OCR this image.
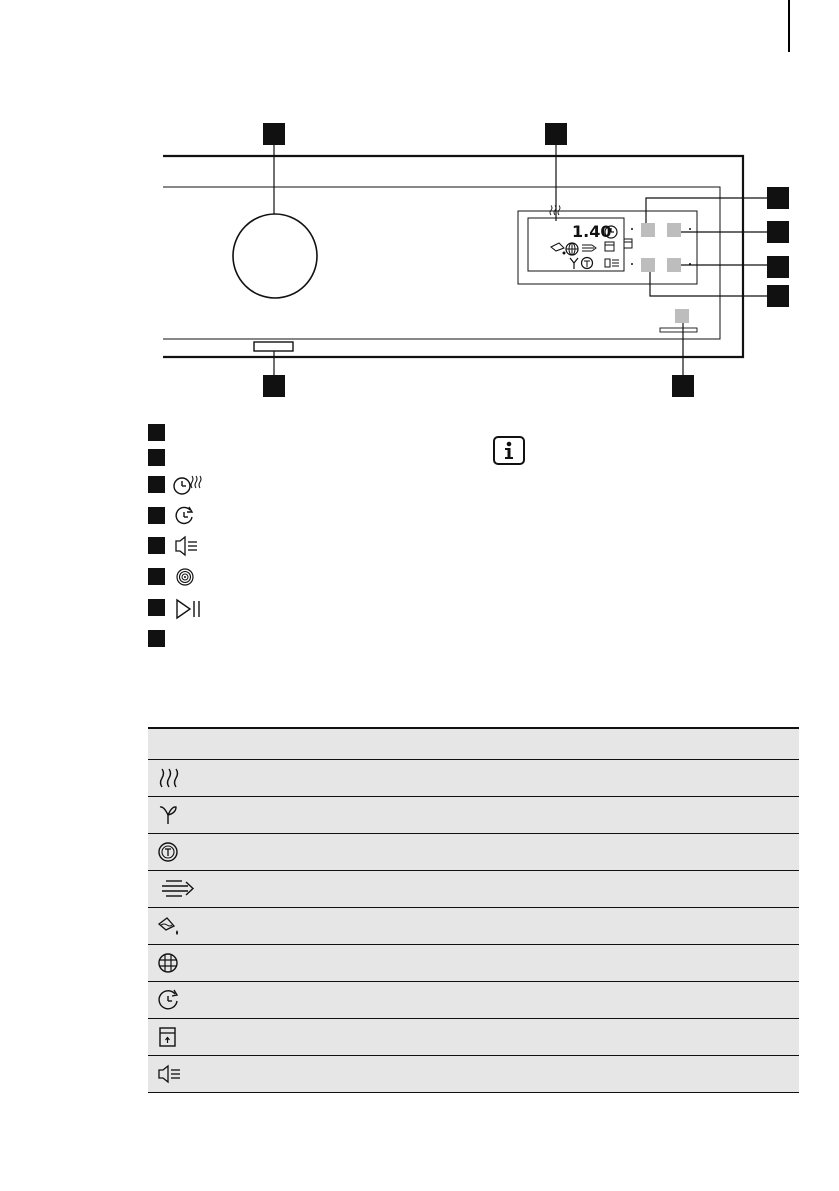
1.40
